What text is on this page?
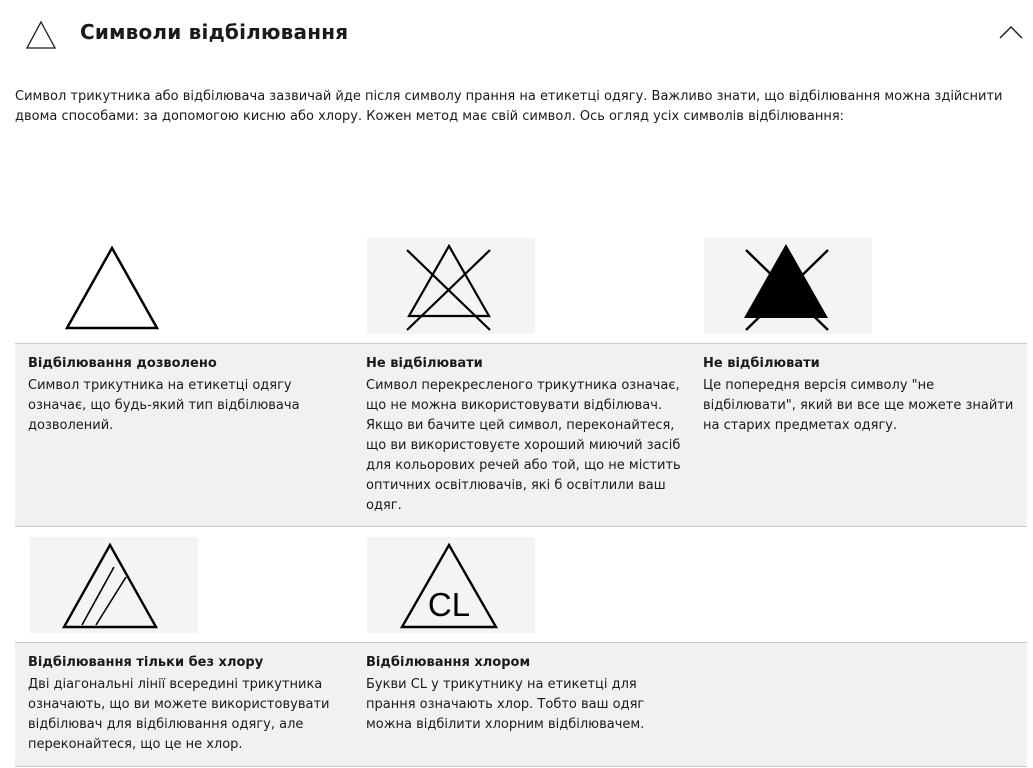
Символи відбілювання
Символ трикутника або відбілювача зазвичай йде після символу прання на етикетці одягу. Важливо знати, що відбілювання можна здійснити двома способами: за допомогою кисню або хлору. Кожен метод має свій символ. Ось огляд усіх символів відбілювання:
Відбілювання дозволено
Символ трикутника на етикетці одягу означає, що будь-який тип відбілювача дозволений.
Не відбілювати
Символ перекресленого трикутника означає, що не можна використовувати відбілювач. Якщо ви бачите цей символ, переконайтеся, що ви використовуєте хороший миючий засіб для кольорових речей або той, що не містить оптичних освітлювачів, які б освітлили ваш одяг.
Не відбілювати
Це попередня версія символу "не відбілювати", який ви все ще можете знайти на старих предметах одягу.
CL
Відбілювання тільки без хлору
Дві діагональні лінії всередині трикутника означають, що ви можете використовувати відбілювач для відбілювання одягу, але переконайтеся, що це не хлор.
Відбілювання хлором
Букви CL у трикутнику на етикетці для прання означають хлор. Тобто ваш одяг можна відбілити хлорним відбілювачем.
